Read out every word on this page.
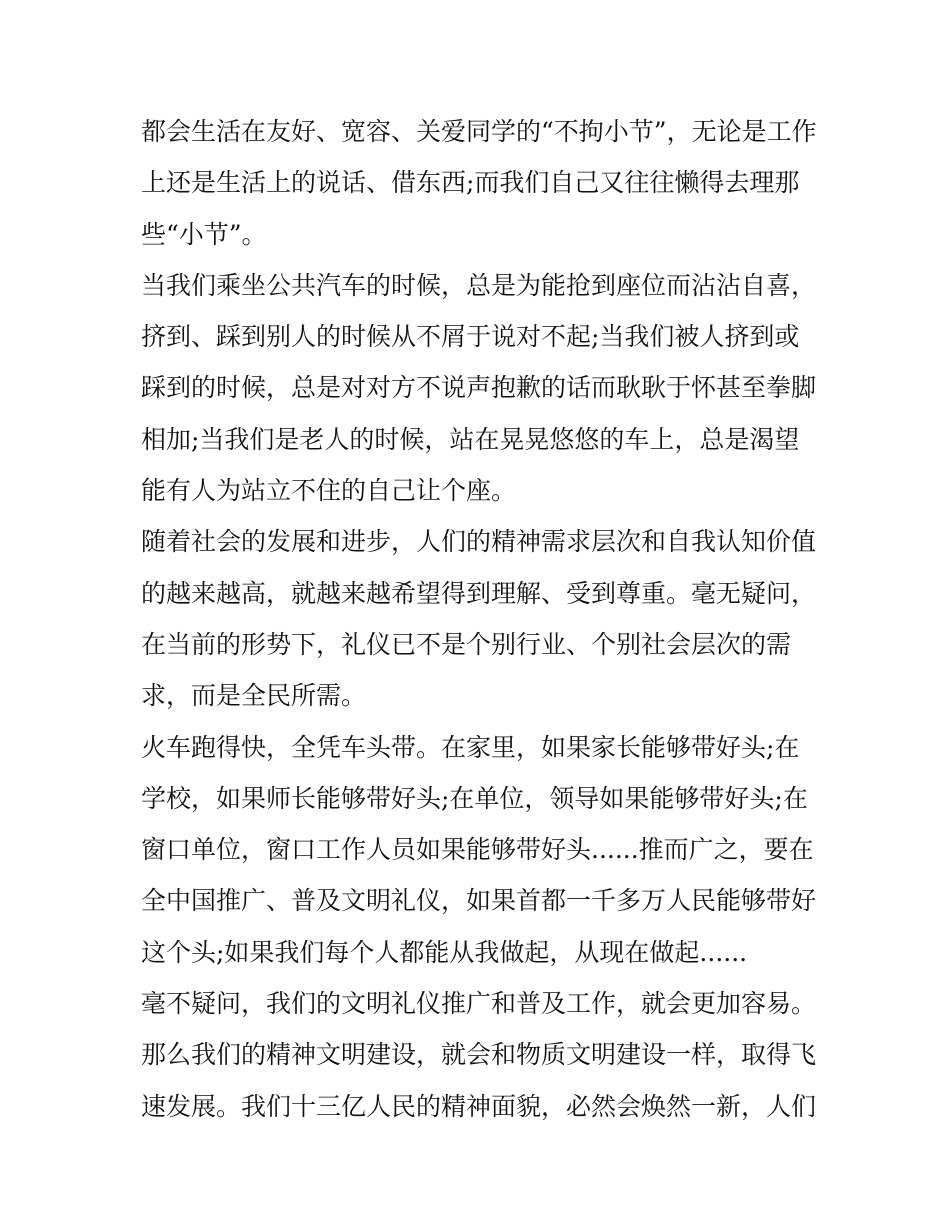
都会生活在友好、宽容、关爱同学的“不拘小节”，无论是工作
上还是生活上的说话、借东西;而我们自己又往往懒得去理那
些“小节”。
当我们乘坐公共汽车的时候，总是为能抢到座位而沾沾自喜，
挤到、踩到别人的时候从不屑于说对不起;当我们被人挤到或
踩到的时候，总是对对方不说声抱歉的话而耿耿于怀甚至拳脚
相加;当我们是老人的时候，站在晃晃悠悠的车上，总是渴望
能有人为站立不住的自己让个座。
随着社会的发展和进步，人们的精神需求层次和自我认知价值
的越来越高，就越来越希望得到理解、受到尊重。毫无疑问，
在当前的形势下，礼仪已不是个别行业、个别社会层次的需
求，而是全民所需。
火车跑得快，全凭车头带。在家里，如果家长能够带好头;在
学校，如果师长能够带好头;在单位，领导如果能够带好头;在
窗口单位，窗口工作人员如果能够带好头......推而广之，要在
全中国推广、普及文明礼仪，如果首都一千多万人民能够带好
这个头;如果我们每个人都能从我做起，从现在做起......
毫不疑问，我们的文明礼仪推广和普及工作，就会更加容易。
那么我们的精神文明建设，就会和物质文明建设一样，取得飞
速发展。我们十三亿人民的精神面貌，必然会焕然一新，人们
